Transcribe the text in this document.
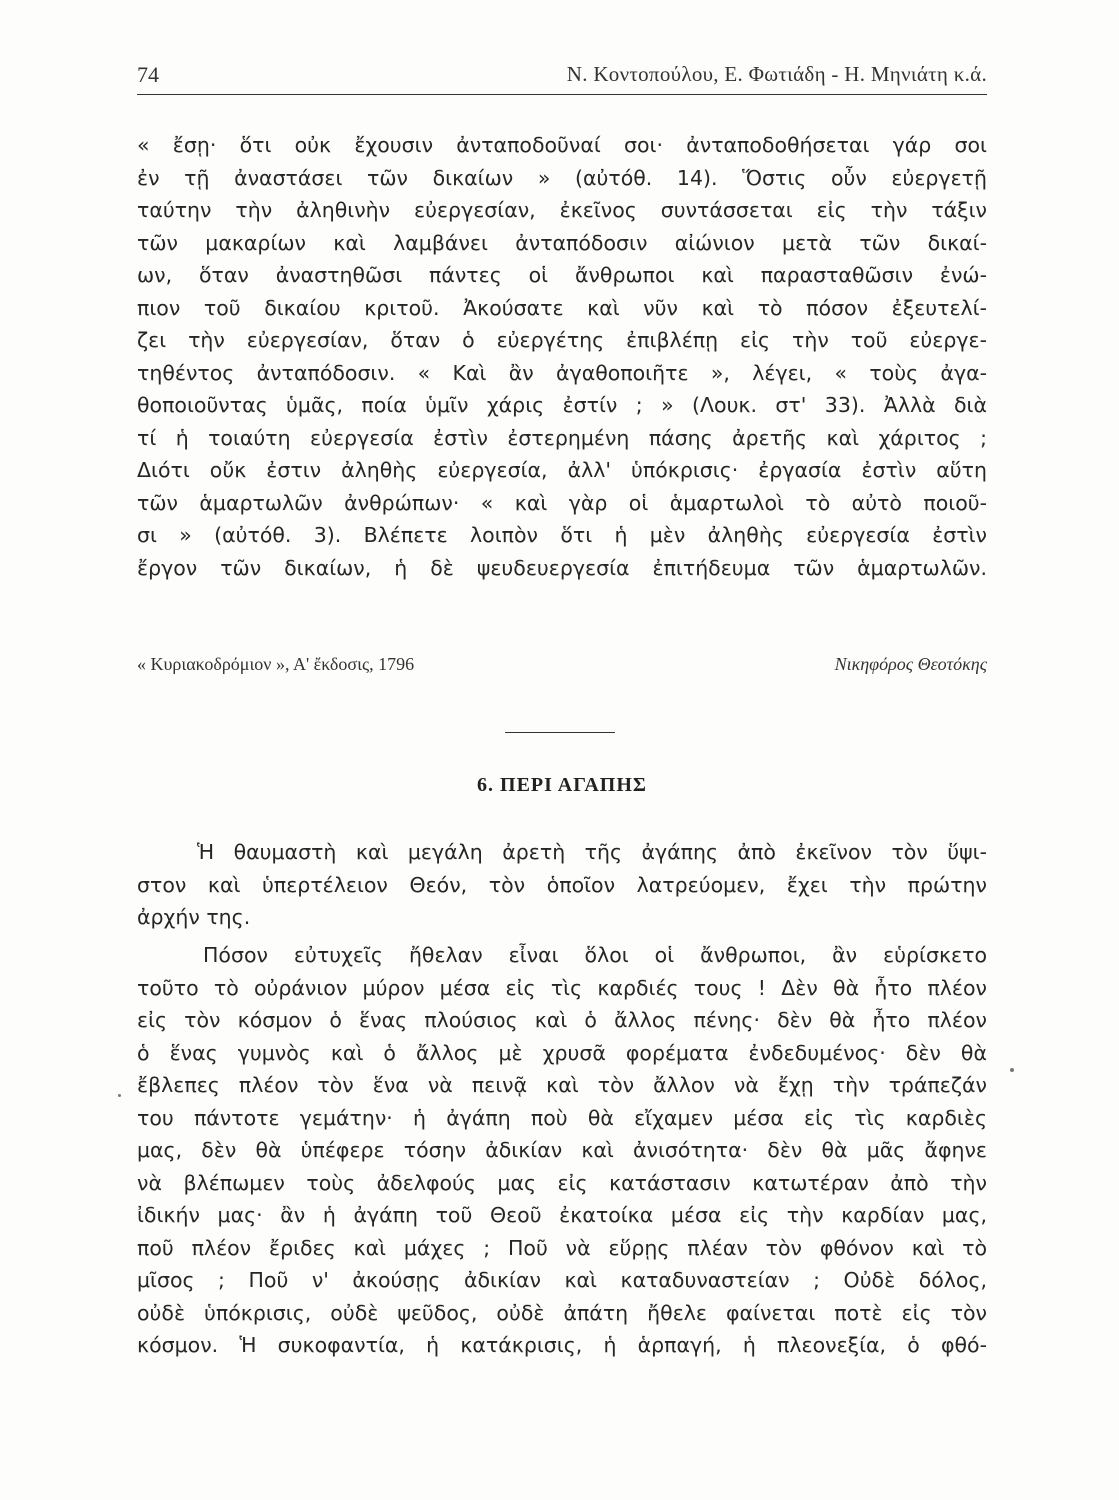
74	Ν. Κοντοπούλου, Ε. Φωτιάδη - Η. Μηνιάτη κ.ά.
« ἔσῃ· ὅτι οὐκ ἔχουσιν ἀνταποδοῦναί σοι· ἀνταποδοθήσεται γάρ σοι
ἐν τῇ ἀναστάσει τῶν δικαίων » (αὐτόθ. 14). Ὅστις οὖν εὐεργετῇ
ταύτην τὴν ἀληθινὴν εὐεργεσίαν, ἐκεῖνος συντάσσεται εἰς τὴν τάξιν
τῶν μακαρίων καὶ λαμβάνει ἀνταπόδοσιν αἰώνιον μετὰ τῶν δικαί-
ων, ὅταν ἀναστηθῶσι πάντες οἱ ἄνθρωποι καὶ παρασταθῶσιν ἐνώ-
πιον τοῦ δικαίου κριτοῦ. Ἀκούσατε καὶ νῦν καὶ τὸ πόσον ἐξευτελί-
ζει τὴν εὐεργεσίαν, ὅταν ὁ εὐεργέτης ἐπιβλέπῃ εἰς τὴν τοῦ εὐεργε-
τηθέντος ἀνταπόδοσιν. « Καὶ ἂν ἀγαθοποιῆτε », λέγει, « τοὺς ἀγα-
θοποιοῦντας ὑμᾶς, ποία ὑμῖν χάρις ἐστίν ; » (Λουκ. στ' 33). Ἀλλὰ διὰ
τί ἡ τοιαύτη εὐεργεσία ἐστὶν ἐστερημένη πάσης ἀρετῆς καὶ χάριτος ;
Διότι οὔκ ἐστιν ἀληθὴς εὐεργεσία, ἀλλ' ὑπόκρισις· ἐργασία ἐστὶν αὕτη
τῶν ἁμαρτωλῶν ἀνθρώπων· « καὶ γὰρ οἱ ἁμαρτωλοὶ τὸ αὐτὸ ποιοῦ-
σι » (αὐτόθ. 3). Βλέπετε λοιπὸν ὅτι ἡ μὲν ἀληθὴς εὐεργεσία ἐστὶν
ἔργον τῶν δικαίων, ἡ δὲ ψευδευεργεσία ἐπιτήδευμα τῶν ἁμαρτωλῶν.
« Κυριακοδρόμιον », Α' ἔκδοσις, 1796	Νικηφόρος Θεοτόκης
6. ΠΕΡΙ ΑΓΑΠΗΣ
Ἡ θαυμαστὴ καὶ μεγάλη ἀρετὴ τῆς ἀγάπης ἀπὸ ἐκεῖνον τὸν ὕψι-
στον καὶ ὑπερτέλειον Θεόν, τὸν ὁποῖον λατρεύομεν, ἔχει τὴν πρώτην
ἀρχήν της.
Πόσον εὐτυχεῖς ἤθελαν εἶναι ὅλοι οἱ ἄνθρωποι, ἂν εὑρίσκετο
τοῦτο τὸ οὐράνιον μύρον μέσα εἰς τὶς καρδιές τους ! Δὲν θὰ ἦτο πλέον
εἰς τὸν κόσμον ὁ ἕνας πλούσιος καὶ ὁ ἄλλος πένης· δὲν θὰ ἦτο πλέον
ὁ ἕνας γυμνὸς καὶ ὁ ἄλλος μὲ χρυσᾶ φορέματα ἐνδεδυμένος· δὲν θὰ
ἔβλεπες πλέον τὸν ἕνα νὰ πεινᾷ καὶ τὸν ἄλλον νὰ ἔχῃ τὴν τράπεζάν
του πάντοτε γεμάτην· ἡ ἀγάπη ποὺ θὰ εἴχαμεν μέσα εἰς τὶς καρδιὲς
μας, δὲν θὰ ὑπέφερε τόσην ἀδικίαν καὶ ἀνισότητα· δὲν θὰ μᾶς ἄφηνε
νὰ βλέπωμεν τοὺς ἀδελφούς μας εἰς κατάστασιν κατωτέραν ἀπὸ τὴν
ἰδικήν μας· ἂν ἡ ἀγάπη τοῦ Θεοῦ ἐκατοίκα μέσα εἰς τὴν καρδίαν μας,
ποῦ πλέον ἔριδες καὶ μάχες ; Ποῦ νὰ εὕρῃς πλέαν τὸν φθόνον καὶ τὸ
μῖσος ; Ποῦ ν' ἀκούσῃς ἀδικίαν καὶ καταδυναστείαν ; Οὐδὲ δόλος,
οὐδὲ ὑπόκρισις, οὐδὲ ψεῦδος, οὐδὲ ἀπάτη ἤθελε φαίνεται ποτὲ εἰς τὸν
κόσμον. Ἡ συκοφαντία, ἡ κατάκρισις, ἡ ἁρπαγή, ἡ πλεονεξία, ὁ φθό-
